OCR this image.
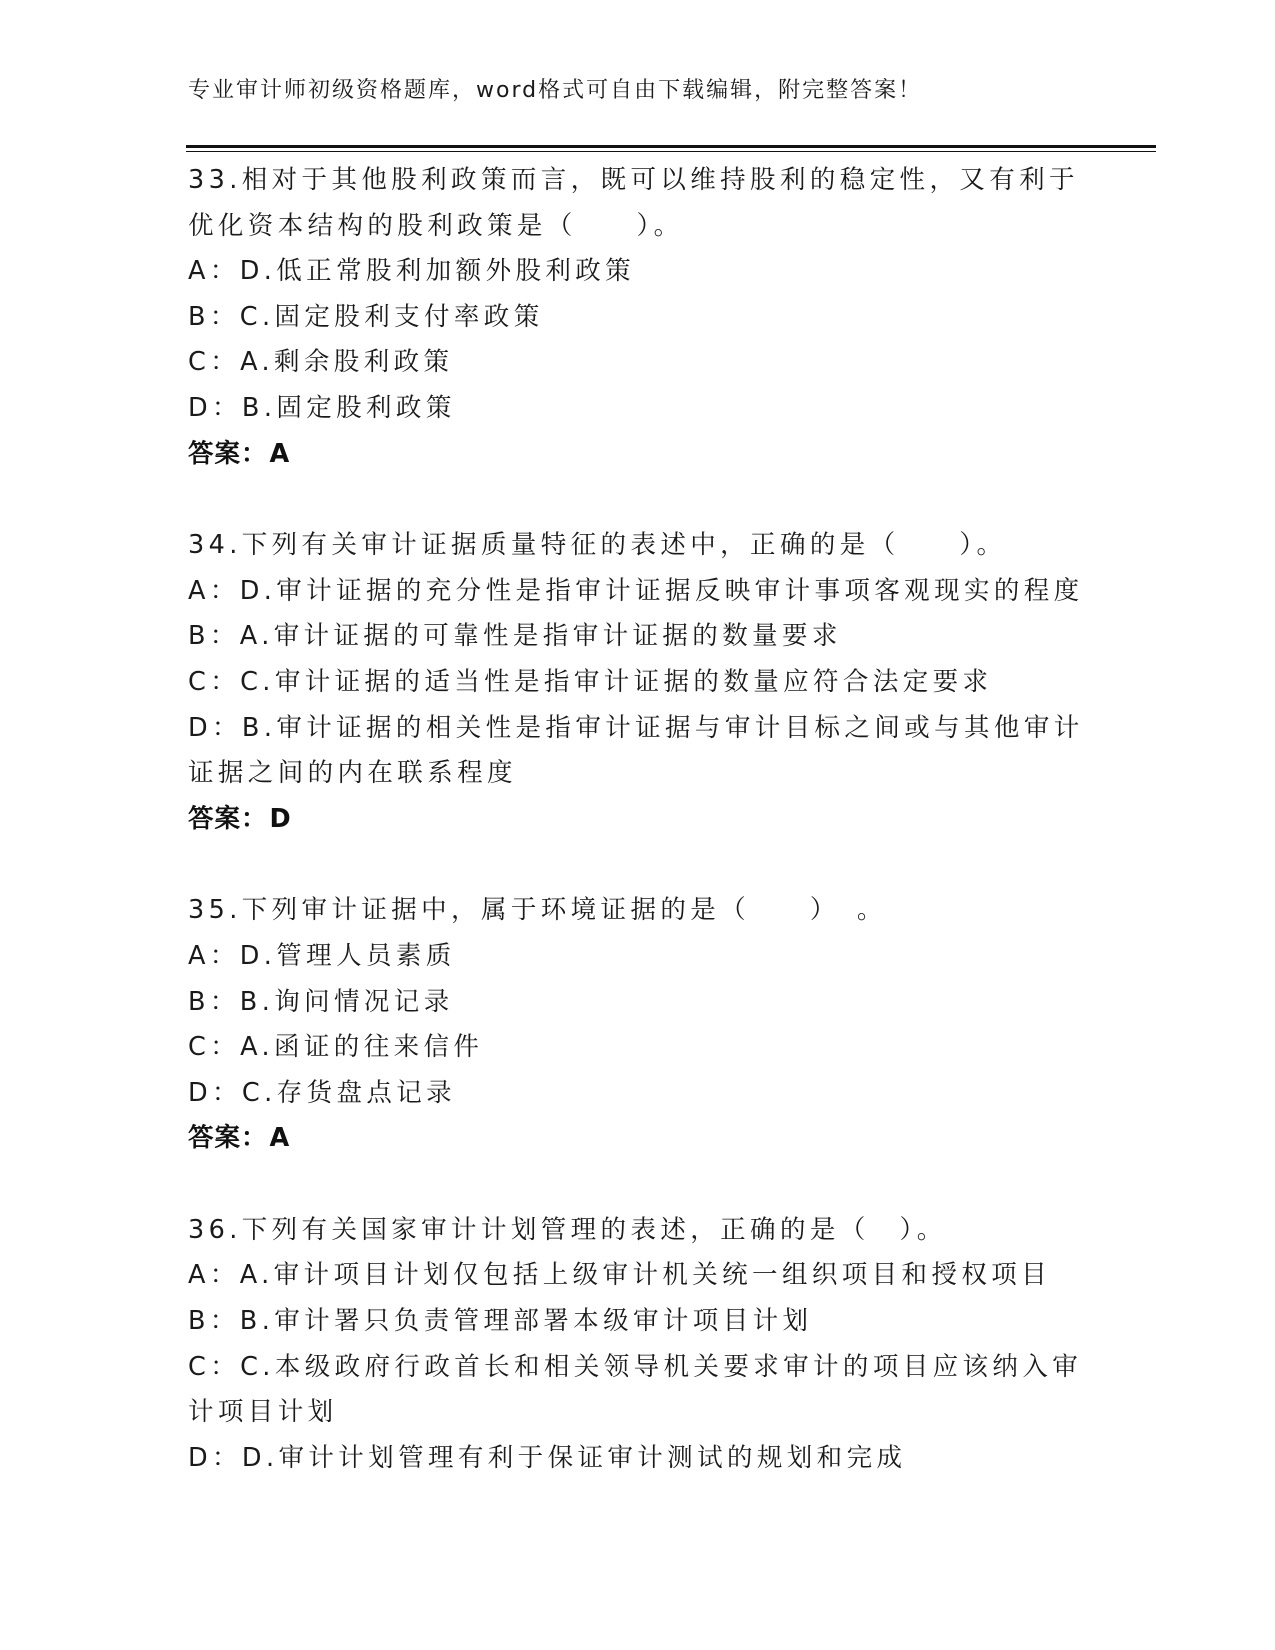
专业审计师初级资格题库，word格式可自由下载编辑，附完整答案！
33.相对于其他股利政策而言，既可以维持股利的稳定性，又有利于优化资本结构的股利政策是（　　）。
A：D.低正常股利加额外股利政策
B：C.固定股利支付率政策
C：A.剩余股利政策
D：B.固定股利政策
答案：A
34.下列有关审计证据质量特征的表述中，正确的是（　　）。
A：D.审计证据的充分性是指审计证据反映审计事项客观现实的程度
B：A.审计证据的可靠性是指审计证据的数量要求
C：C.审计证据的适当性是指审计证据的数量应符合法定要求
D：B.审计证据的相关性是指审计证据与审计目标之间或与其他审计证据之间的内在联系程度
答案：D
35.下列审计证据中，属于环境证据的是（　　）　。
A：D.管理人员素质
B：B.询问情况记录
C：A.函证的往来信件
D：C.存货盘点记录
答案：A
36.下列有关国家审计计划管理的表述，正确的是（　）。
A：A.审计项目计划仅包括上级审计机关统一组织项目和授权项目
B：B.审计署只负责管理部署本级审计项目计划
C：C.本级政府行政首长和相关领导机关要求审计的项目应该纳入审计项目计划
D：D.审计计划管理有利于保证审计测试的规划和完成
